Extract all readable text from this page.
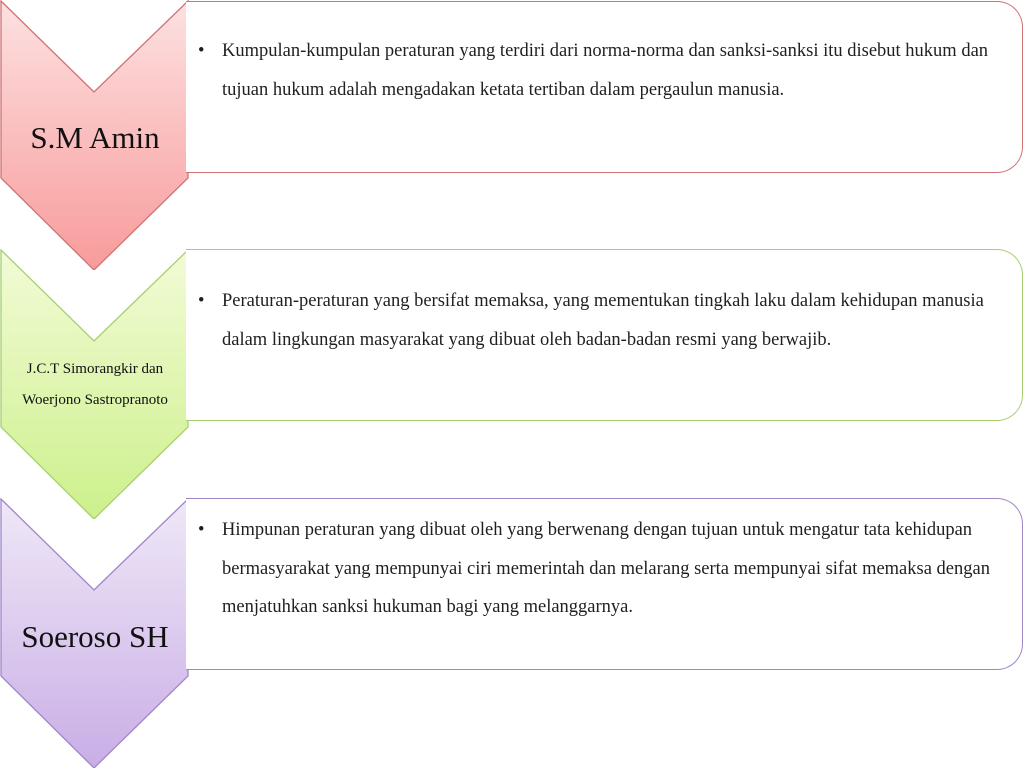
S.M Amin
• Kumpulan-kumpulan peraturan yang terdiri dari norma-norma dan sanksi-sanksi itu disebut hukum dan tujuan hukum adalah mengadakan ketata tertiban dalam pergaulun manusia.
J.C.T Simorangkir dan
Woerjono Sastropranoto
• Peraturan-peraturan yang bersifat memaksa, yang mementukan tingkah laku dalam kehidupan manusia dalam lingkungan masyarakat yang dibuat oleh badan-badan resmi yang berwajib.
Soeroso SH
• Himpunan peraturan yang dibuat oleh yang berwenang dengan tujuan untuk mengatur tata kehidupan bermasyarakat yang mempunyai ciri memerintah dan melarang serta mempunyai sifat memaksa dengan menjatuhkan sanksi hukuman bagi yang melanggarnya.
